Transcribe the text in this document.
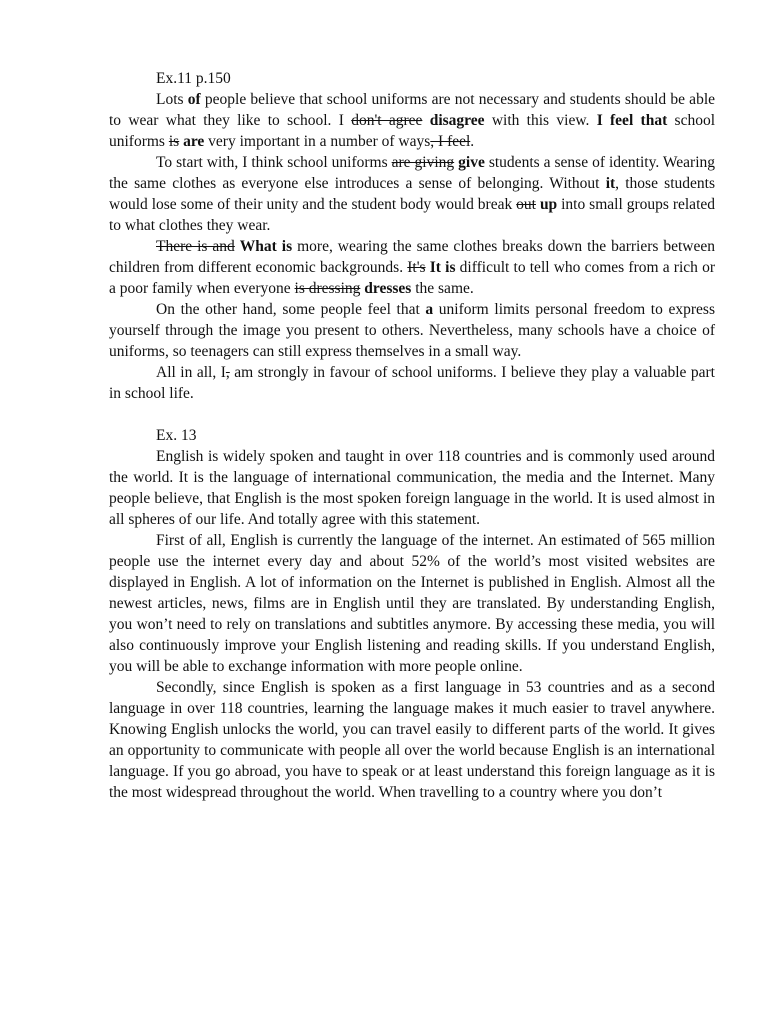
Ex.11 p.150

Lots of people believe that school uniforms are not necessary and students should be able to wear what they like to school. I don't agree disagree with this view. I feel that school uniforms is are very important in a number of ways, I feel.

To start with, I think school uniforms are giving give students a sense of identity. Wearing the same clothes as everyone else introduces a sense of belonging. Without it, those students would lose some of their unity and the student body would break out up into small groups related to what clothes they wear.

There is and What is more, wearing the same clothes breaks down the barriers between children from different economic backgrounds. It's It is difficult to tell who comes from a rich or a poor family when everyone is dressing dresses the same.

On the other hand, some people feel that a uniform limits personal freedom to express yourself through the image you present to others. Nevertheless, many schools have a choice of uniforms, so teenagers can still express themselves in a small way.

All in all, I, am strongly in favour of school uniforms. I believe they play a valuable part in school life.

Ex. 13

English is widely spoken and taught in over 118 countries and is commonly used around the world. It is the language of international communication, the media and the Internet. Many people believe, that English is the most spoken foreign language in the world. It is used almost in all spheres of our life. And totally agree with this statement.

First of all, English is currently the language of the internet. An estimated of 565 million people use the internet every day and about 52% of the world’s most visited websites are displayed in English. A lot of information on the Internet is published in English. Almost all the newest articles, news, films are in English until they are translated. By understanding English, you won’t need to rely on translations and subtitles anymore. By accessing these media, you will also continuously improve your English listening and reading skills. If you understand English, you will be able to exchange information with more people online.

Secondly, since English is spoken as a first language in 53 countries and as a second language in over 118 countries, learning the language makes it much easier to travel anywhere. Knowing English unlocks the world, you can travel easily to different parts of the world. It gives an opportunity to communicate with people all over the world because English is an international language. If you go abroad, you have to speak or at least understand this foreign language as it is the most widespread throughout the world. When travelling to a country where you don’t
